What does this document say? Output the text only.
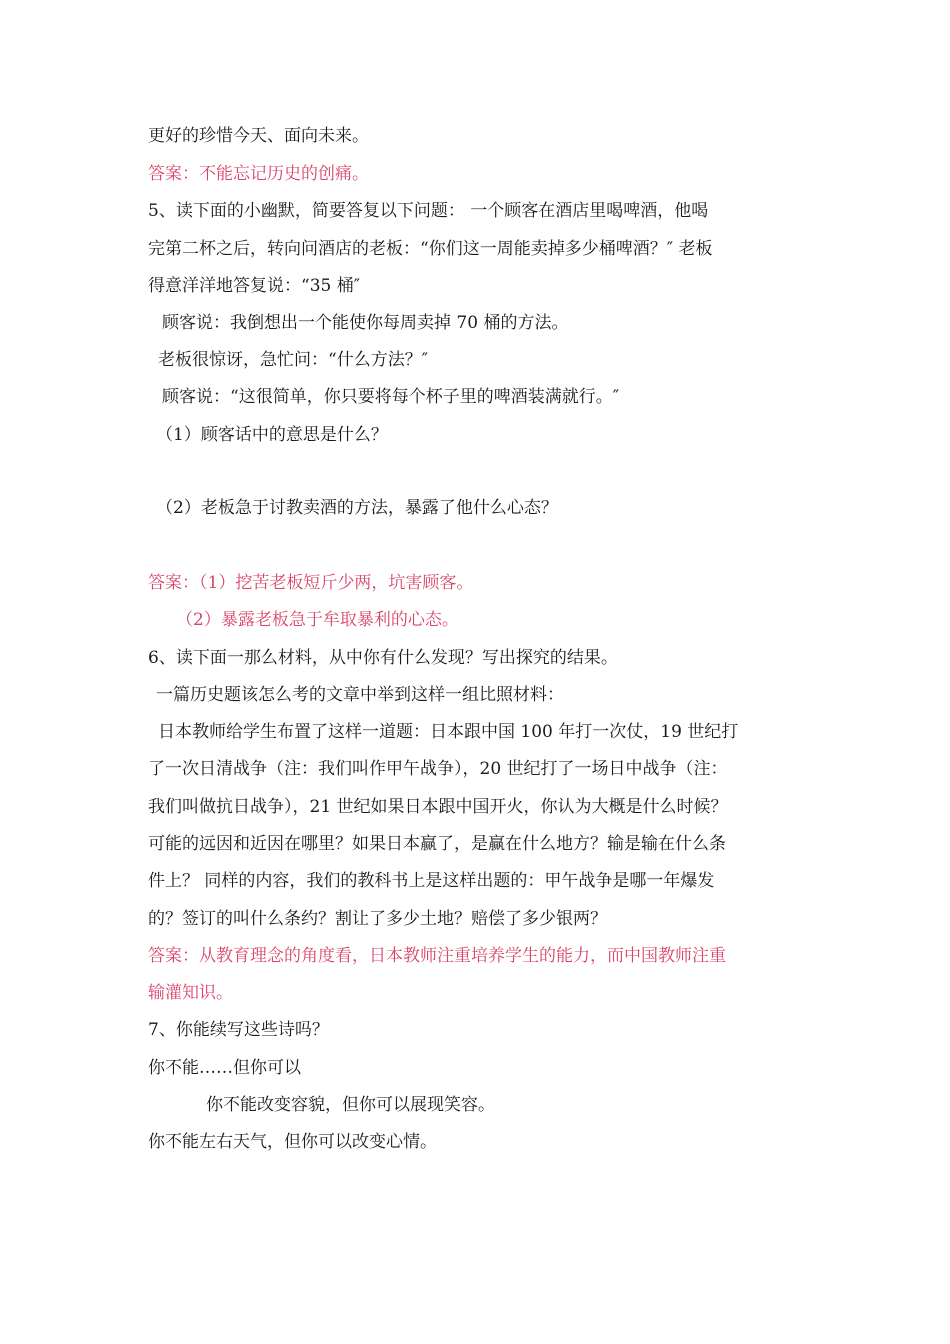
更好的珍惜今天、面向未来。
答案：不能忘记历史的创痛。
5、读下面的小幽默，简要答复以下问题： 一个顾客在酒店里喝啤酒，他喝
完第二杯之后，转向问酒店的老板：“你们这一周能卖掉多少桶啤酒？″ 老板
得意洋洋地答复说：“35 桶″
顾客说：我倒想出一个能使你每周卖掉 70 桶的方法。
老板很惊讶，急忙问：“什么方法？″
顾客说：“这很简单，你只要将每个杯子里的啤酒装满就行。″
（1）顾客话中的意思是什么？
（2）老板急于讨教卖酒的方法，暴露了他什么心态？
答案：（1）挖苦老板短斤少两，坑害顾客。
（2）暴露老板急于牟取暴利的心态。
6、读下面一那么材料，从中你有什么发现？写出探究的结果。
一篇历史题该怎么考的文章中举到这样一组比照材料：
日本教师给学生布置了这样一道题：日本跟中国 100 年打一次仗，19 世纪打
了一次日清战争（注：我们叫作甲午战争），20 世纪打了一场日中战争（注：
我们叫做抗日战争），21 世纪如果日本跟中国开火，你认为大概是什么时候？
可能的远因和近因在哪里？如果日本赢了，是赢在什么地方？输是输在什么条
件上？ 同样的内容，我们的教科书上是这样出题的：甲午战争是哪一年爆发
的？签订的叫什么条约？割让了多少土地？赔偿了多少银两？
答案：从教育理念的角度看，日本教师注重培养学生的能力，而中国教师注重
输灌知识。
7、你能续写这些诗吗？
你不能……但你可以
你不能改变容貌，但你可以展现笑容。
你不能左右天气，但你可以改变心情。
